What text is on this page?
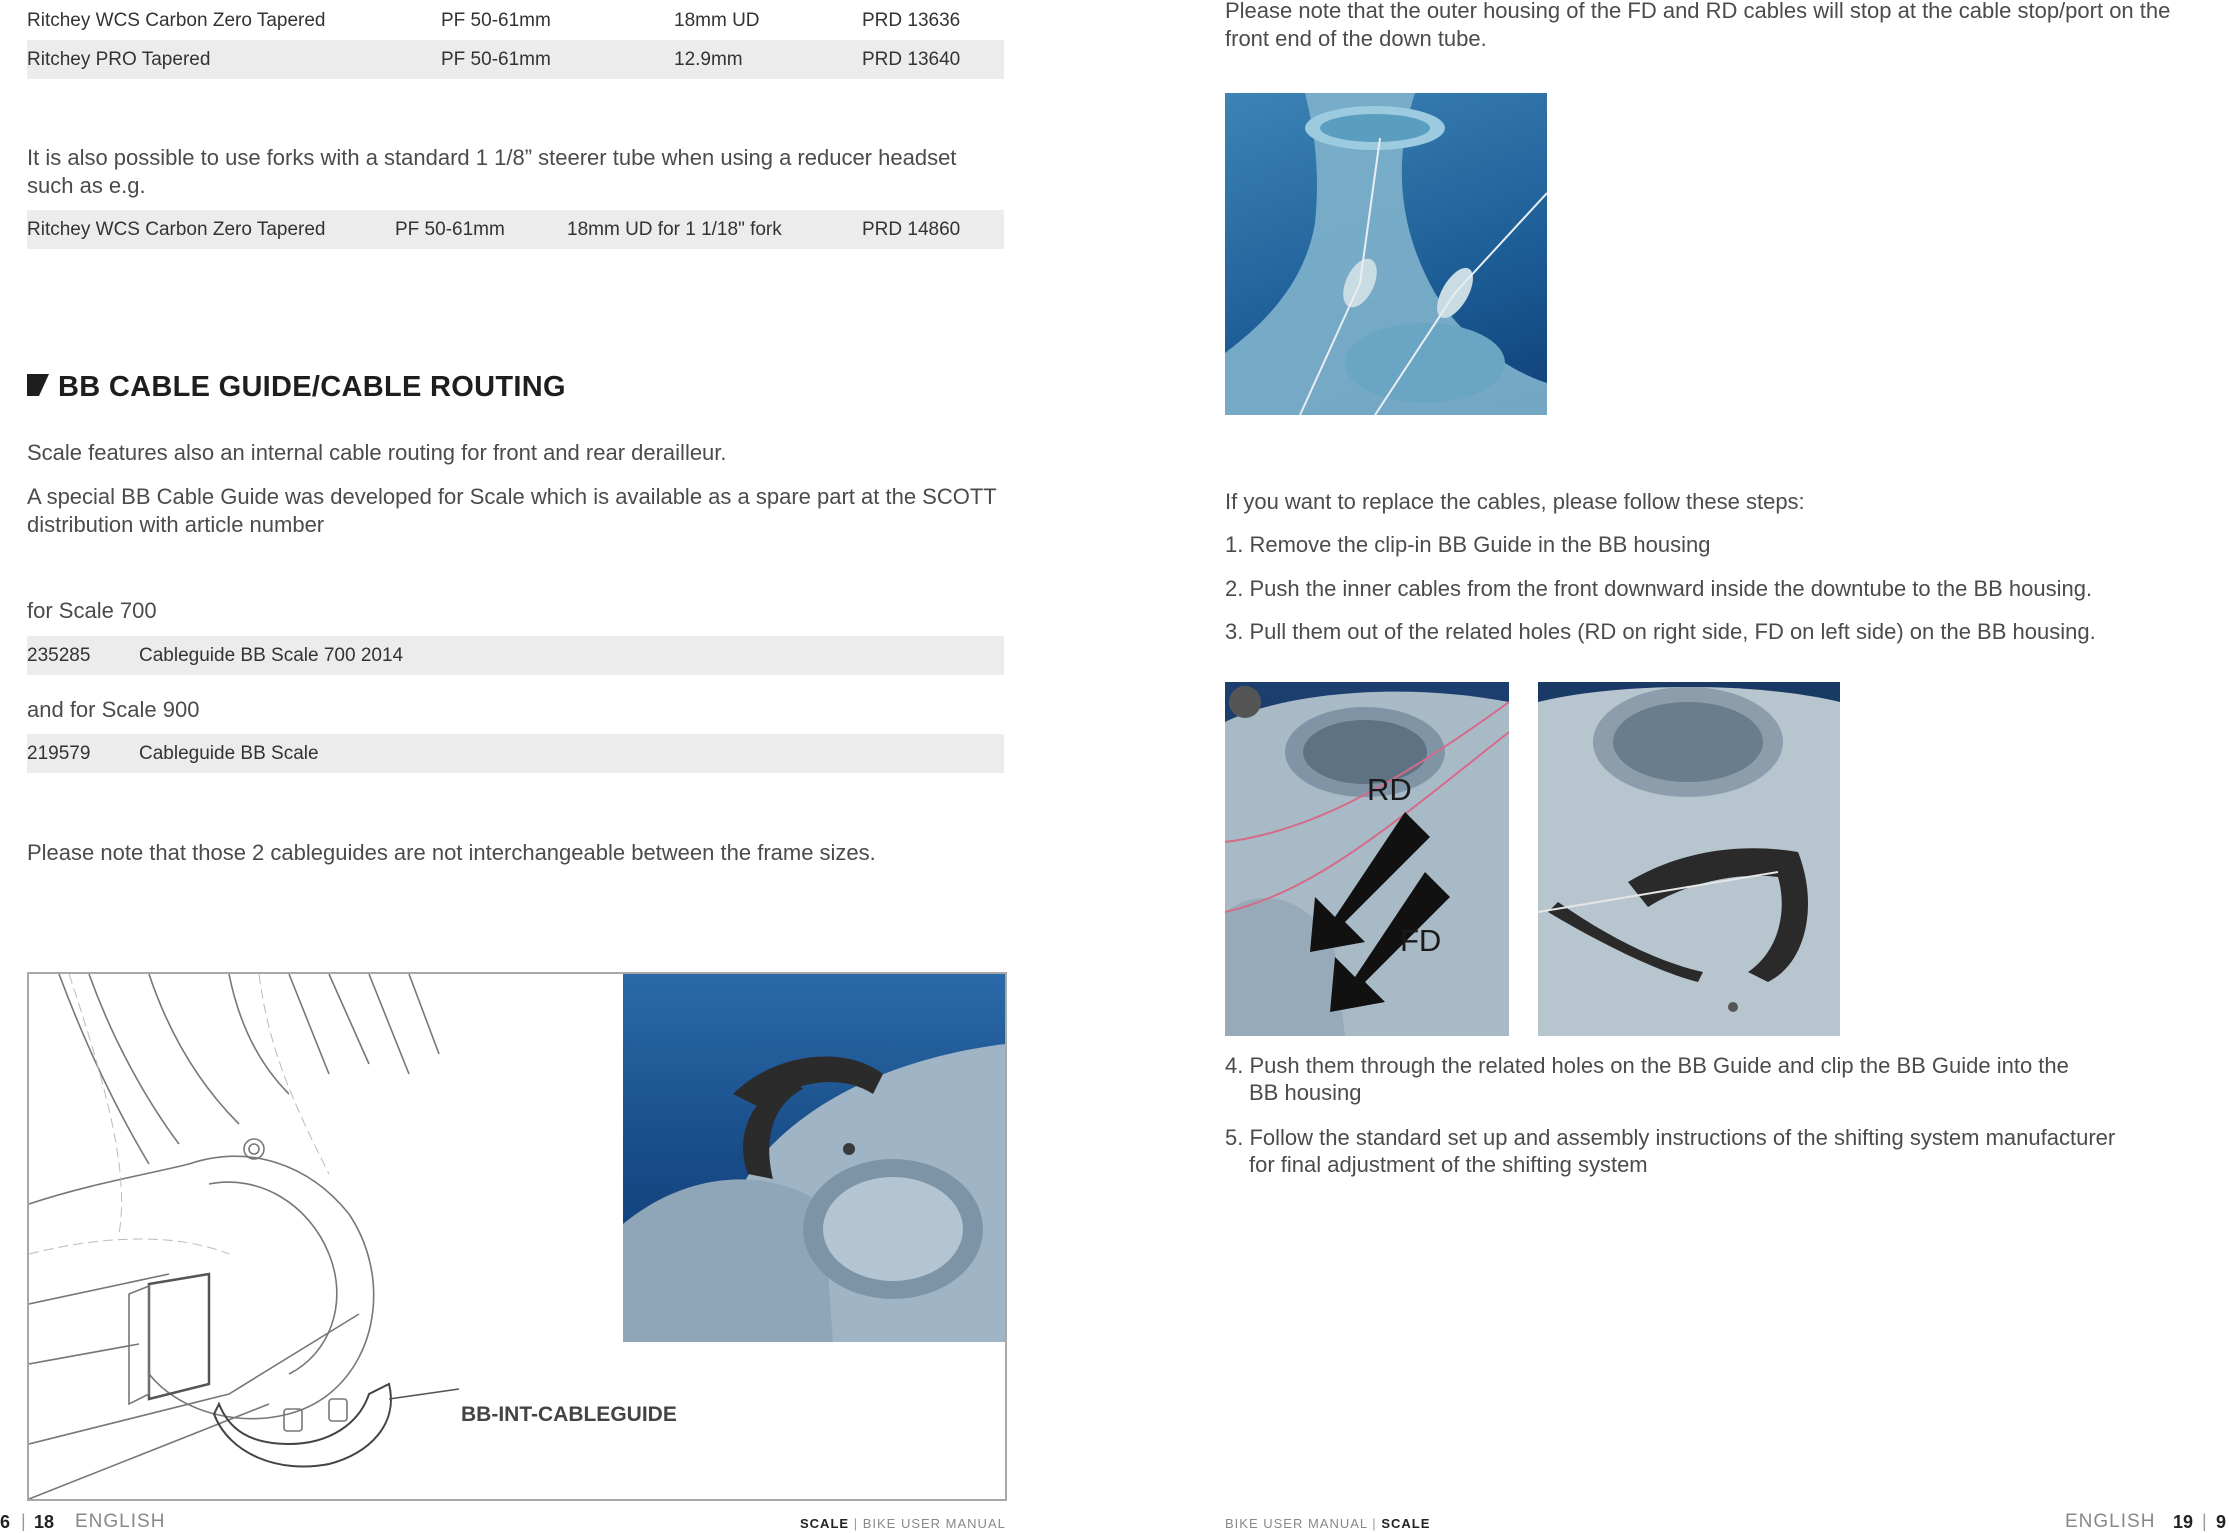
Ritchey WCS Carbon Zero Tapered	PF 50-61mm	18mm UD	PRD 13636
Ritchey PRO Tapered	PF 50-61mm	12.9mm	PRD 13640
It is also possible to use forks with a standard 1 1/8” steerer tube when using a reducer headset such as e.g.
Ritchey WCS Carbon Zero Tapered	PF 50-61mm	18mm UD for 1 1/18" fork	PRD 14860
BB CABLE GUIDE/CABLE ROUTING
Scale features also an internal cable routing for front and rear derailleur.
A special BB Cable Guide was developed for Scale which is available as a spare part at the SCOTT distribution with article number
for Scale 700
235285	Cableguide BB Scale 700 2014
and for Scale 900
219579	Cableguide BB Scale
Please note that those 2 cableguides are not interchangeable between the frame sizes.
BB-INT-CABLEGUIDE
6 | 18 ENGLISH	SCALE | BIKE USER MANUAL
Please note that the outer housing of the FD and RD cables will stop at the cable stop/port on the front end of the down tube.
If you want to replace the cables, please follow these steps:
1. Remove the clip-in BB Guide in the BB housing
2. Push the inner cables from the front downward inside the downtube to the BB housing.
3. Pull them out of the related holes (RD on right side, FD on left side) on the BB housing.
RD
FD
4. Push them through the related holes on the BB Guide and clip the BB Guide into the
BB housing
5. Follow the standard set up and assembly instructions of the shifting system manufacturer
for final adjustment of the shifting system
BIKE USER MANUAL | SCALE	ENGLISH 19 | 9
